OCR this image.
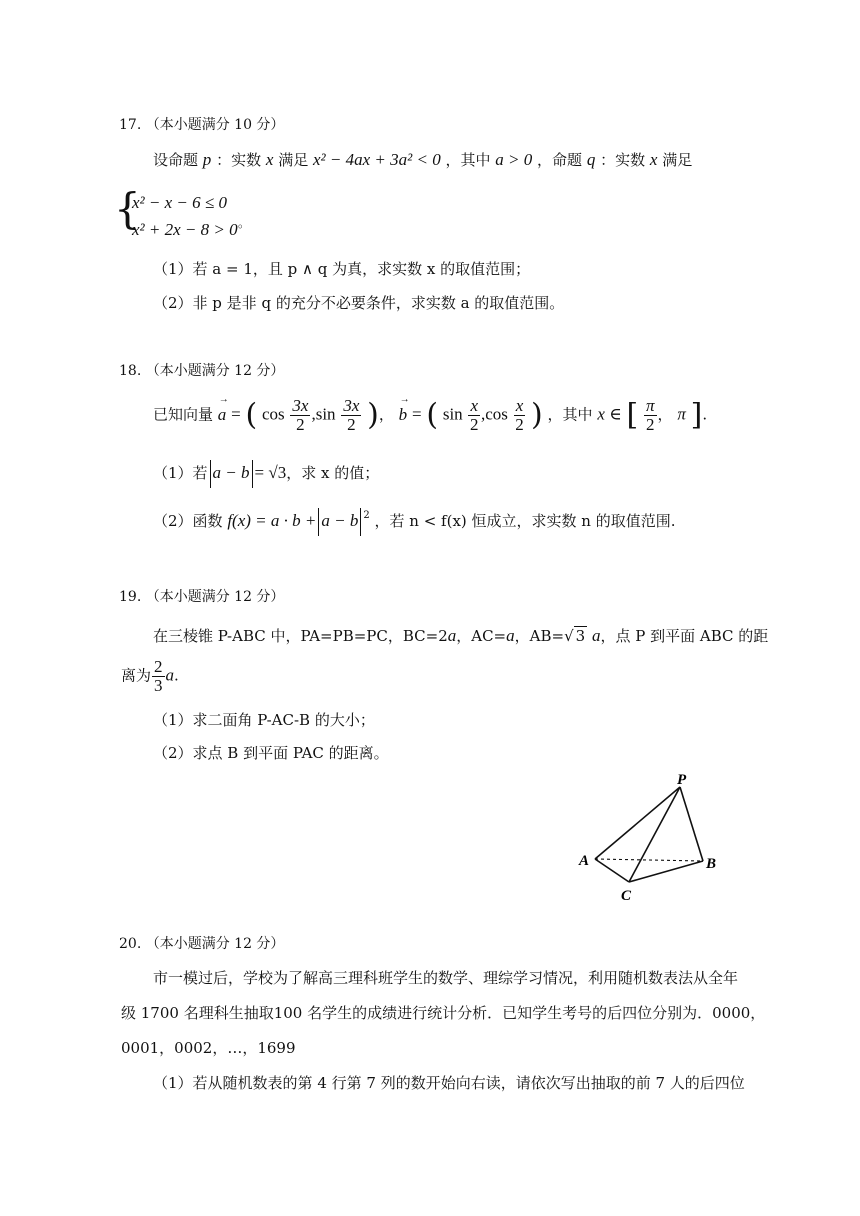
17. （本小题满分 10 分）
设命题 p ：实数 x 满足 x² − 4ax + 3a² < 0 ，其中 a > 0 ，命题 q ：实数 x 满足
{
x² − x − 6 ≤ 0
x² + 2x − 8 > 0 。
（1）若 a = 1，且 p ∧ q 为真，求实数 x 的取值范围；
（2）非 p 是非 q 的充分不必要条件，求实数 a 的取值范围。
18. （本小题满分 12 分）
已知向量 → a = ( $\cos \frac{3x}{2} ,\sin \frac{3x}{2}$ )， → b = ( $\sin \frac{x}{2} ,\cos \frac{x}{2}$ ) ，其中 x ∈ [ $\frac{\pi}{2}$ ， π ].
（1）若 a − b = √3，求 x 的值；
（2）函数 f(x) = a · b + a − b $^2$ ，若 n < f(x) 恒成立，求实数 n 的取值范围.
19. （本小题满分 12 分）
在三棱锥 P-ABC 中，PA=PB=PC，BC=2a，AC=a，AB=√ 3 a，点 P 到平面 ABC 的距
离为 $\frac{2}{3} a$.
（1）求二面角 P-AC-B 的大小；
（2）求点 B 到平面 PAC 的距离。
P
A	B
C
20. （本小题满分 12 分）
市一模过后，学校为了解高三理科班学生的数学、理综学习情况，利用随机数表法从全年
级 1700 名理科生抽取100 名学生的成绩进行统计分析．已知学生考号的后四位分别为．0000，
0001，0002，…，1699
（1）若从随机数表的第 4 行第 7 列的数开始向右读，请依次写出抽取的前 7 人的后四位
